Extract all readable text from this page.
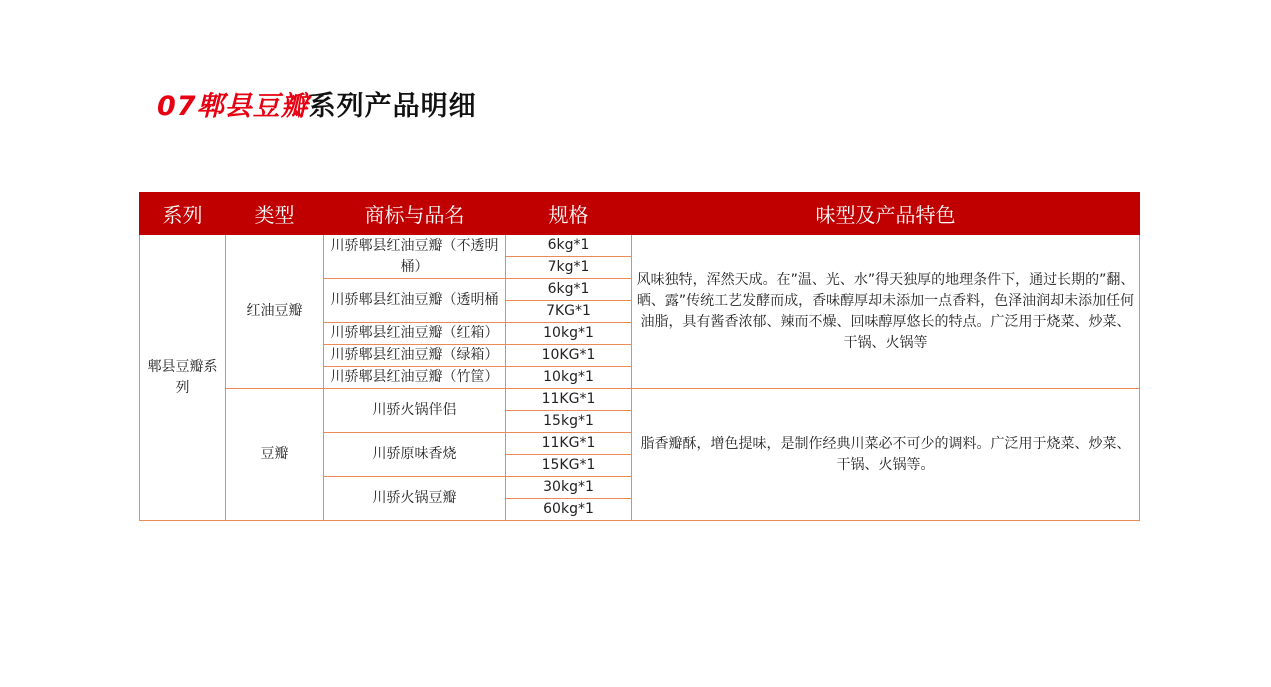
07郫县豆瓣系列产品明细
系列	类型	商标与品名	规格	味型及产品特色
郫县豆瓣系列	红油豆瓣	川骄郫县红油豆瓣（不透明桶）	6kg*1	风味独特，浑然天成。在”温、光、水”得天独厚的地理条件下，通过长期的”翻、晒、露”传统工艺发酵而成，香味醇厚却未添加一点香料，色泽油润却未添加任何油脂，具有酱香浓郁、辣而不燥、回味醇厚悠长的特点。广泛用于烧菜、炒菜、干锅、火锅等
			7kg*1	
		川骄郫县红油豆瓣（透明桶	6kg*1	
			7KG*1	
		川骄郫县红油豆瓣（红箱）	10kg*1	
		川骄郫县红油豆瓣（绿箱）	10KG*1	
		川骄郫县红油豆瓣（竹筐）	10kg*1	
	豆瓣	川骄火锅伴侣	11KG*1	脂香瓣酥，增色提味，是制作经典川菜必不可少的调料。广泛用于烧菜、炒菜、干锅、火锅等。
			15kg*1	
		川骄原味香烧	11KG*1	
			15KG*1	
		川骄火锅豆瓣	30kg*1	
			60kg*1	
